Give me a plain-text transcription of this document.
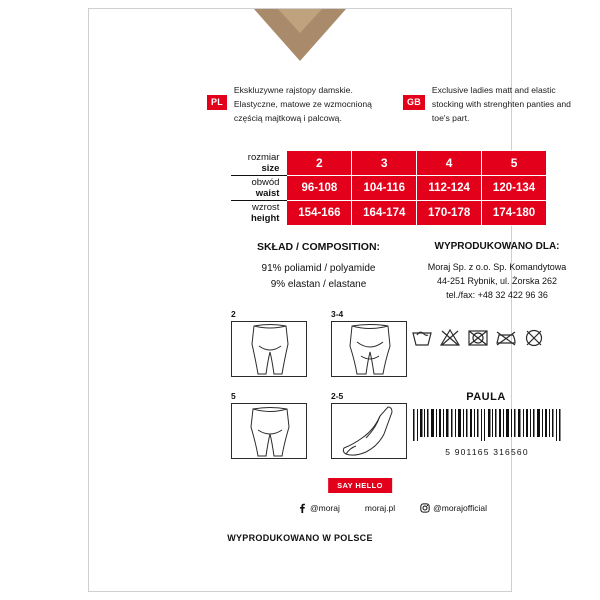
PL
Ekskluzywne rajstopy damskie. Elastyczne, matowe ze wzmocnioną częścią majtkową i palcową.
GB
Exclusive ladies matt and elastic stocking with strenghten panties and toe's part.
rozmiar
size	2	3	4	5

obwód
waist	96-108	104-116	112-124	120-134

wzrost
height	154-166	164-174	170-178	174-180
SKŁAD / COMPOSITION:
91% poliamid / polyamide
9% elastan / elastane
WYPRODUKOWANO DLA:
Moraj Sp. z o.o. Sp. Komandytowa
44-251 Rybnik, ul. Żorska 262
tel./fax: +48 32 422 96 36
2	3-4
5	2-5	PAULA
5 901165 316560
SAY HELLO
@moraj	moraj.pl	@morajofficial
WYPRODUKOWANO W POLSCE
